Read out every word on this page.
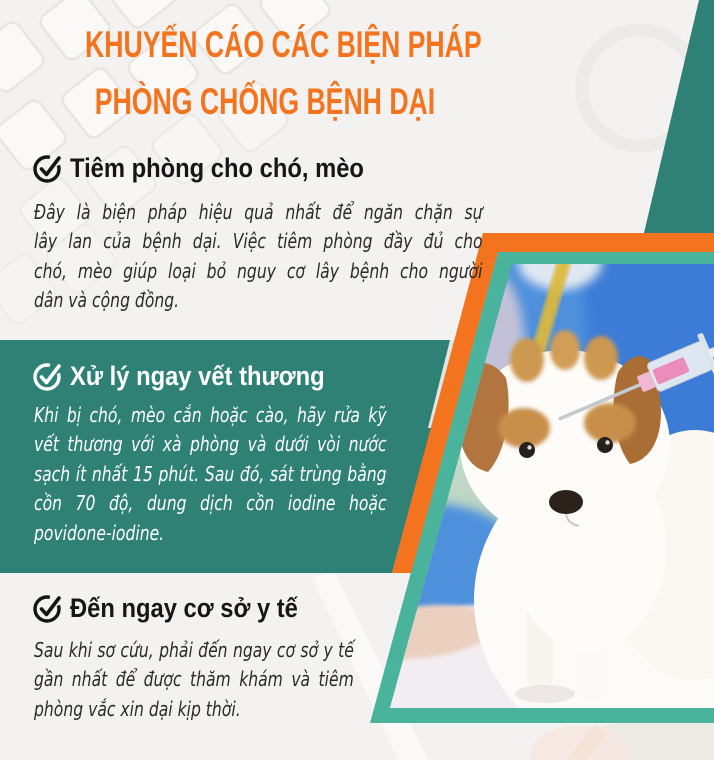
KHUYẾN CÁO CÁC BIỆN PHÁP
PHÒNG CHỐNG BỆNH DẠI
Tiêm phòng cho chó, mèo
Đây là biện pháp hiệu quả nhất để ngăn chặn sự
lây lan của bệnh dại. Việc tiêm phòng đầy đủ cho
chó, mèo giúp loại bỏ nguy cơ lây bệnh cho người
dân và cộng đồng.
Xử lý ngay vết thương
Khi bị chó, mèo cắn hoặc cào, hãy rửa kỹ
vết thương với xà phòng và dưới vòi nước
sạch ít nhất 15 phút. Sau đó, sát trùng bằng
cồn 70 độ, dung dịch cồn iodine hoặc
povidone-iodine.
Đến ngay cơ sở y tế
Sau khi sơ cứu, phải đến ngay cơ sở y tế
gần nhất để được thăm khám và tiêm
phòng vắc xin dại kịp thời.
